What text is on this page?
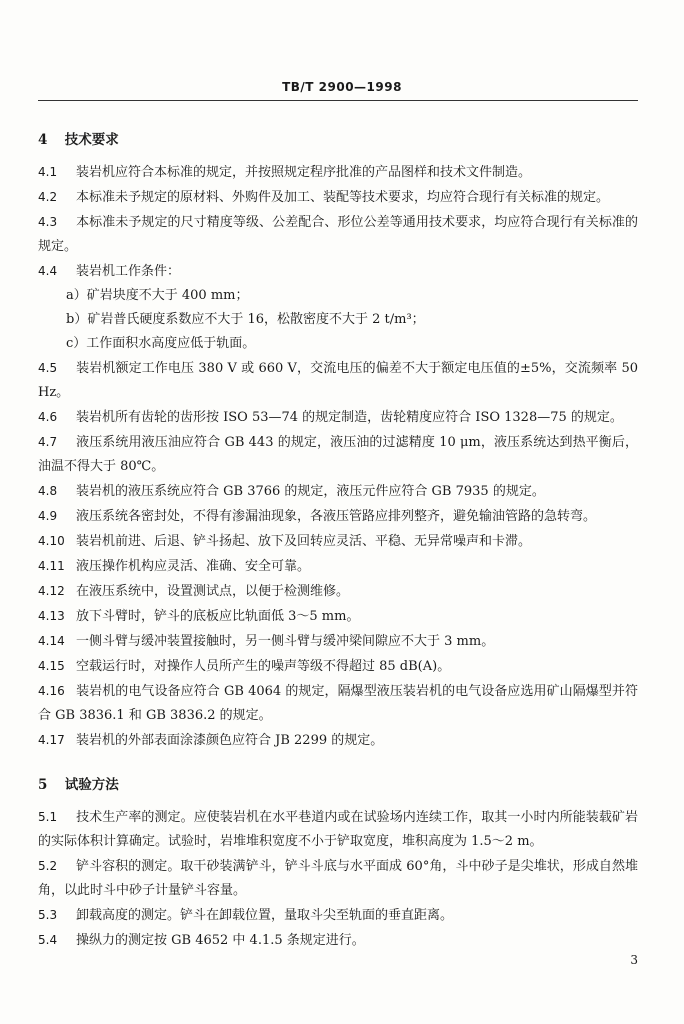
TB/T 2900—1998
4 技术要求

4.1 装岩机应符合本标准的规定，并按照规定程序批准的产品图样和技术文件制造。

4.2 本标准未予规定的原材料、外购件及加工、装配等技术要求，均应符合现行有关标准的规定。

4.3 本标准未予规定的尺寸精度等级、公差配合、形位公差等通用技术要求，均应符合现行有关标准的规定。

4.4 装岩机工作条件：

a）矿岩块度不大于 400 mm；

b）矿岩普氏硬度系数应不大于 16，松散密度不大于 2 t/m³；

c）工作面积水高度应低于轨面。

4.5 装岩机额定工作电压 380 V 或 660 V，交流电压的偏差不大于额定电压值的±5%，交流频率 50 Hz。

4.6 装岩机所有齿轮的齿形按 ISO 53—74 的规定制造，齿轮精度应符合 ISO 1328—75 的规定。

4.7 液压系统用液压油应符合 GB 443 的规定，液压油的过滤精度 10 μm，液压系统达到热平衡后，油温不得大于 80℃。

4.8 装岩机的液压系统应符合 GB 3766 的规定，液压元件应符合 GB 7935 的规定。

4.9 液压系统各密封处，不得有渗漏油现象，各液压管路应排列整齐，避免输油管路的急转弯。

4.10 装岩机前进、后退、铲斗扬起、放下及回转应灵活、平稳、无异常噪声和卡滞。

4.11 液压操作机构应灵活、准确、安全可靠。

4.12 在液压系统中，设置测试点，以便于检测维修。

4.13 放下斗臂时，铲斗的底板应比轨面低 3～5 mm。

4.14 一侧斗臂与缓冲装置接触时，另一侧斗臂与缓冲梁间隙应不大于 3 mm。

4.15 空载运行时，对操作人员所产生的噪声等级不得超过 85 dB(A)。

4.16 装岩机的电气设备应符合 GB 4064 的规定，隔爆型液压装岩机的电气设备应选用矿山隔爆型并符合 GB 3836.1 和 GB 3836.2 的规定。

4.17 装岩机的外部表面涂漆颜色应符合 JB 2299 的规定。

5 试验方法

5.1 技术生产率的测定。应使装岩机在水平巷道内或在试验场内连续工作，取其一小时内所能装载矿岩的实际体积计算确定。试验时，岩堆堆积宽度不小于铲取宽度，堆积高度为 1.5～2 m。

5.2 铲斗容积的测定。取干砂装满铲斗，铲斗斗底与水平面成 60°角，斗中砂子是尖堆状，形成自然堆角，以此时斗中砂子计量铲斗容量。

5.3 卸载高度的测定。铲斗在卸载位置，量取斗尖至轨面的垂直距离。

5.4 操纵力的测定按 GB 4652 中 4.1.5 条规定进行。

3
